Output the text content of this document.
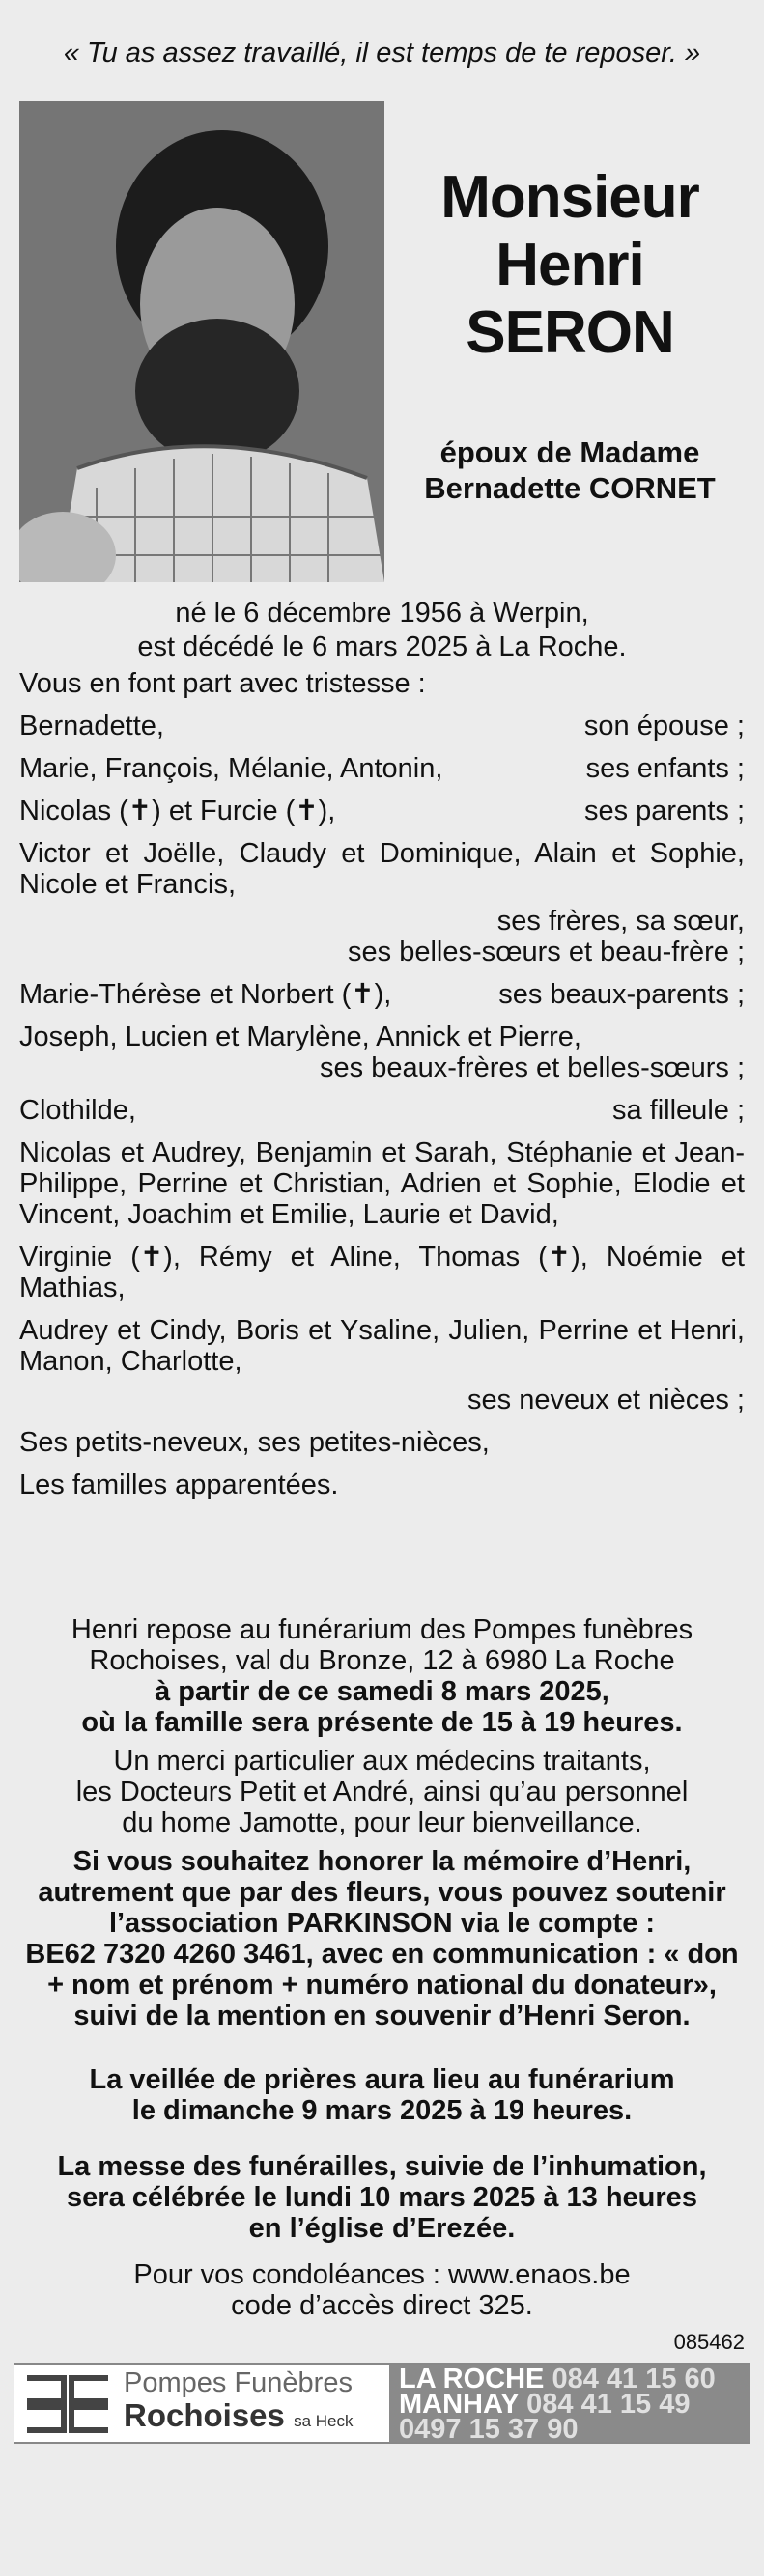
« Tu as assez travaillé, il est temps de te reposer. »
Monsieur
Henri
SERON
époux de Madame
Bernadette CORNET
né le 6 décembre 1956 à Werpin,
est décédé le 6 mars 2025 à La Roche.

Vous en font part avec tristesse :

Bernadette,	son épouse ;
Marie, François, Mélanie, Antonin,	ses enfants ;
Nicolas (✝) et Furcie (✝),	ses parents ;

Victor et Joëlle, Claudy et Dominique, Alain et Sophie, Nicole et Francis,

ses frères, sa sœur,
ses belles-sœurs et beau-frère ;
Marie-Thérèse et Norbert (✝),	ses beaux-parents ;
Joseph, Lucien et Marylène, Annick et Pierre,
ses beaux-frères et belles-sœurs ;
Clothilde,	sa filleule ;

Nicolas et Audrey, Benjamin et Sarah, Stéphanie et Jean-Philippe, Perrine et Christian, Adrien et Sophie, Elodie et Vincent, Joachim et Emilie, Laurie et David,

Virginie (✝), Rémy et Aline, Thomas (✝), Noémie et Mathias,

Audrey et Cindy, Boris et Ysaline, Julien, Perrine et Henri, Manon, Charlotte,

ses neveux et nièces ;

Ses petits-neveux, ses petites-nièces,

Les familles apparentées.

Henri repose au funérarium des Pompes funèbres
Rochoises, val du Bronze, 12 à 6980 La Roche
à partir de ce samedi 8 mars 2025,
où la famille sera présente de 15 à 19 heures.
Un merci particulier aux médecins traitants,
les Docteurs Petit et André, ainsi qu’au personnel
du home Jamotte, pour leur bienveillance.
Si vous souhaitez honorer la mémoire d’Henri,
autrement que par des fleurs, vous pouvez soutenir
l’association PARKINSON via le compte :
BE62 7320 4260 3461, avec en communication : « don
+ nom et prénom + numéro national du donateur»,
suivi de la mention en souvenir d’Henri Seron.
La veillée de prières aura lieu au funérarium
le dimanche 9 mars 2025 à 19 heures.
La messe des funérailles, suivie de l’inhumation,
sera célébrée le lundi 10 mars 2025 à 13 heures
en l’église d’Erezée.
Pour vos condoléances : www.enaos.be
code d’accès direct 325.
085462
Pompes Funèbres
Rochoises sa Heck
LA ROCHE 084 41 15 60
MANHAY 084 41 15 49
0497 15 37 90
